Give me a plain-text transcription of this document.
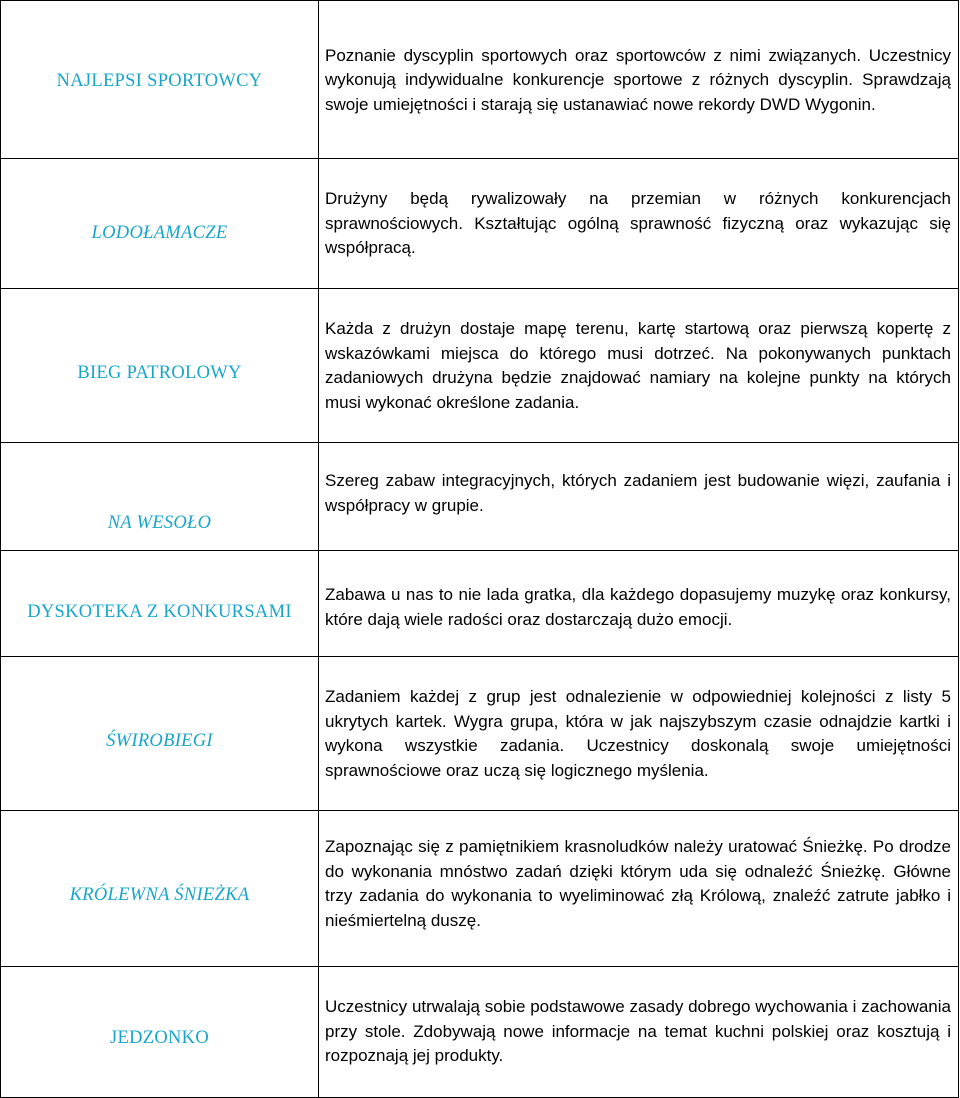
NAJLEPSI SPORTOWCY	Poznanie dyscyplin sportowych oraz sportowców z nimi związanych. Uczestnicy wykonują indywidualne konkurencje sportowe z różnych dyscyplin. Sprawdzają swoje umiejętności i starają się ustanawiać nowe rekordy DWD Wygonin.

LODOŁAMACZE	Drużyny będą rywalizowały na przemian w różnych konkurencjach sprawnościowych. Kształtując ogólną sprawność fizyczną oraz wykazując się współpracą.

BIEG PATROLOWY	Każda z drużyn dostaje mapę terenu, kartę startową oraz pierwszą kopertę z wskazówkami miejsca do którego musi dotrzeć. Na pokonywanych punktach zadaniowych drużyna będzie znajdować namiary na kolejne punkty na których musi wykonać określone zadania.

NA WESOŁO	Szereg zabaw integracyjnych, których zadaniem jest budowanie więzi, zaufania i współpracy w grupie.

DYSKOTEKA Z KONKURSAMI	Zabawa u nas to nie lada gratka, dla każdego dopasujemy muzykę oraz konkursy, które dają wiele radości oraz dostarczają dużo emocji.

ŚWIROBIEGI	Zadaniem każdej z grup jest odnalezienie w odpowiedniej kolejności z listy 5 ukrytych kartek. Wygra grupa, która w jak najszybszym czasie odnajdzie kartki i wykona wszystkie zadania. Uczestnicy doskonalą swoje umiejętności sprawnościowe oraz uczą się logicznego myślenia.

KRÓLEWNA ŚNIEŻKA	Zapoznając się z pamiętnikiem krasnoludków należy uratować Śnieżkę. Po drodze do wykonania mnóstwo zadań dzięki którym uda się odnaleźć Śnieżkę. Główne trzy zadania do wykonania to wyeliminować złą Królową, znaleźć zatrute jabłko i nieśmiertelną duszę.

JEDZONKO	Uczestnicy utrwalają sobie podstawowe zasady dobrego wychowania i zachowania przy stole. Zdobywają nowe informacje na temat kuchni polskiej oraz kosztują i rozpoznają jej produkty.
